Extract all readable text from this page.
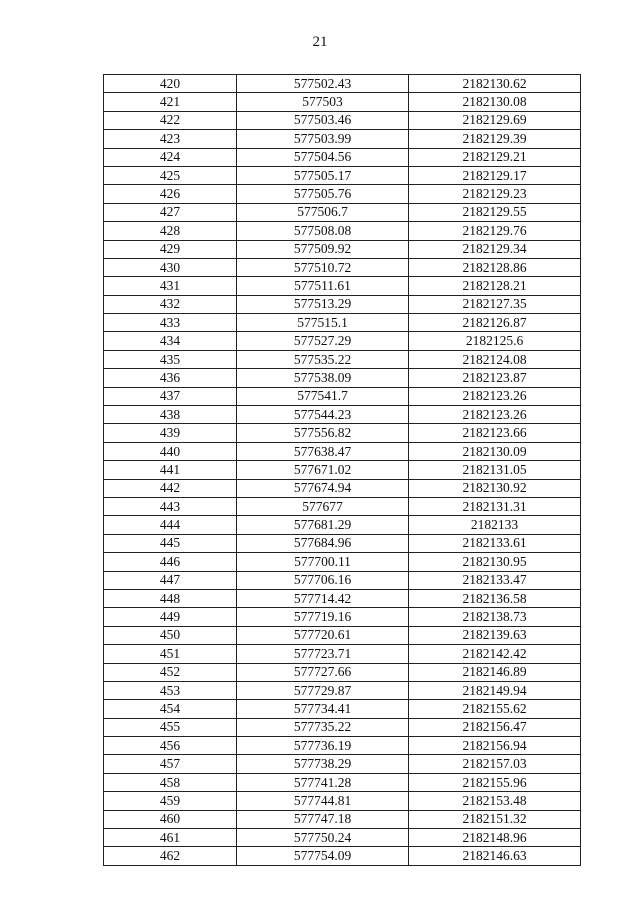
21
420	577502.43	2182130.62
421	577503	2182130.08
422	577503.46	2182129.69
423	577503.99	2182129.39
424	577504.56	2182129.21
425	577505.17	2182129.17
426	577505.76	2182129.23
427	577506.7	2182129.55
428	577508.08	2182129.76
429	577509.92	2182129.34
430	577510.72	2182128.86
431	577511.61	2182128.21
432	577513.29	2182127.35
433	577515.1	2182126.87
434	577527.29	2182125.6
435	577535.22	2182124.08
436	577538.09	2182123.87
437	577541.7	2182123.26
438	577544.23	2182123.26
439	577556.82	2182123.66
440	577638.47	2182130.09
441	577671.02	2182131.05
442	577674.94	2182130.92
443	577677	2182131.31
444	577681.29	2182133
445	577684.96	2182133.61
446	577700.11	2182130.95
447	577706.16	2182133.47
448	577714.42	2182136.58
449	577719.16	2182138.73
450	577720.61	2182139.63
451	577723.71	2182142.42
452	577727.66	2182146.89
453	577729.87	2182149.94
454	577734.41	2182155.62
455	577735.22	2182156.47
456	577736.19	2182156.94
457	577738.29	2182157.03
458	577741.28	2182155.96
459	577744.81	2182153.48
460	577747.18	2182151.32
461	577750.24	2182148.96
462	577754.09	2182146.63
